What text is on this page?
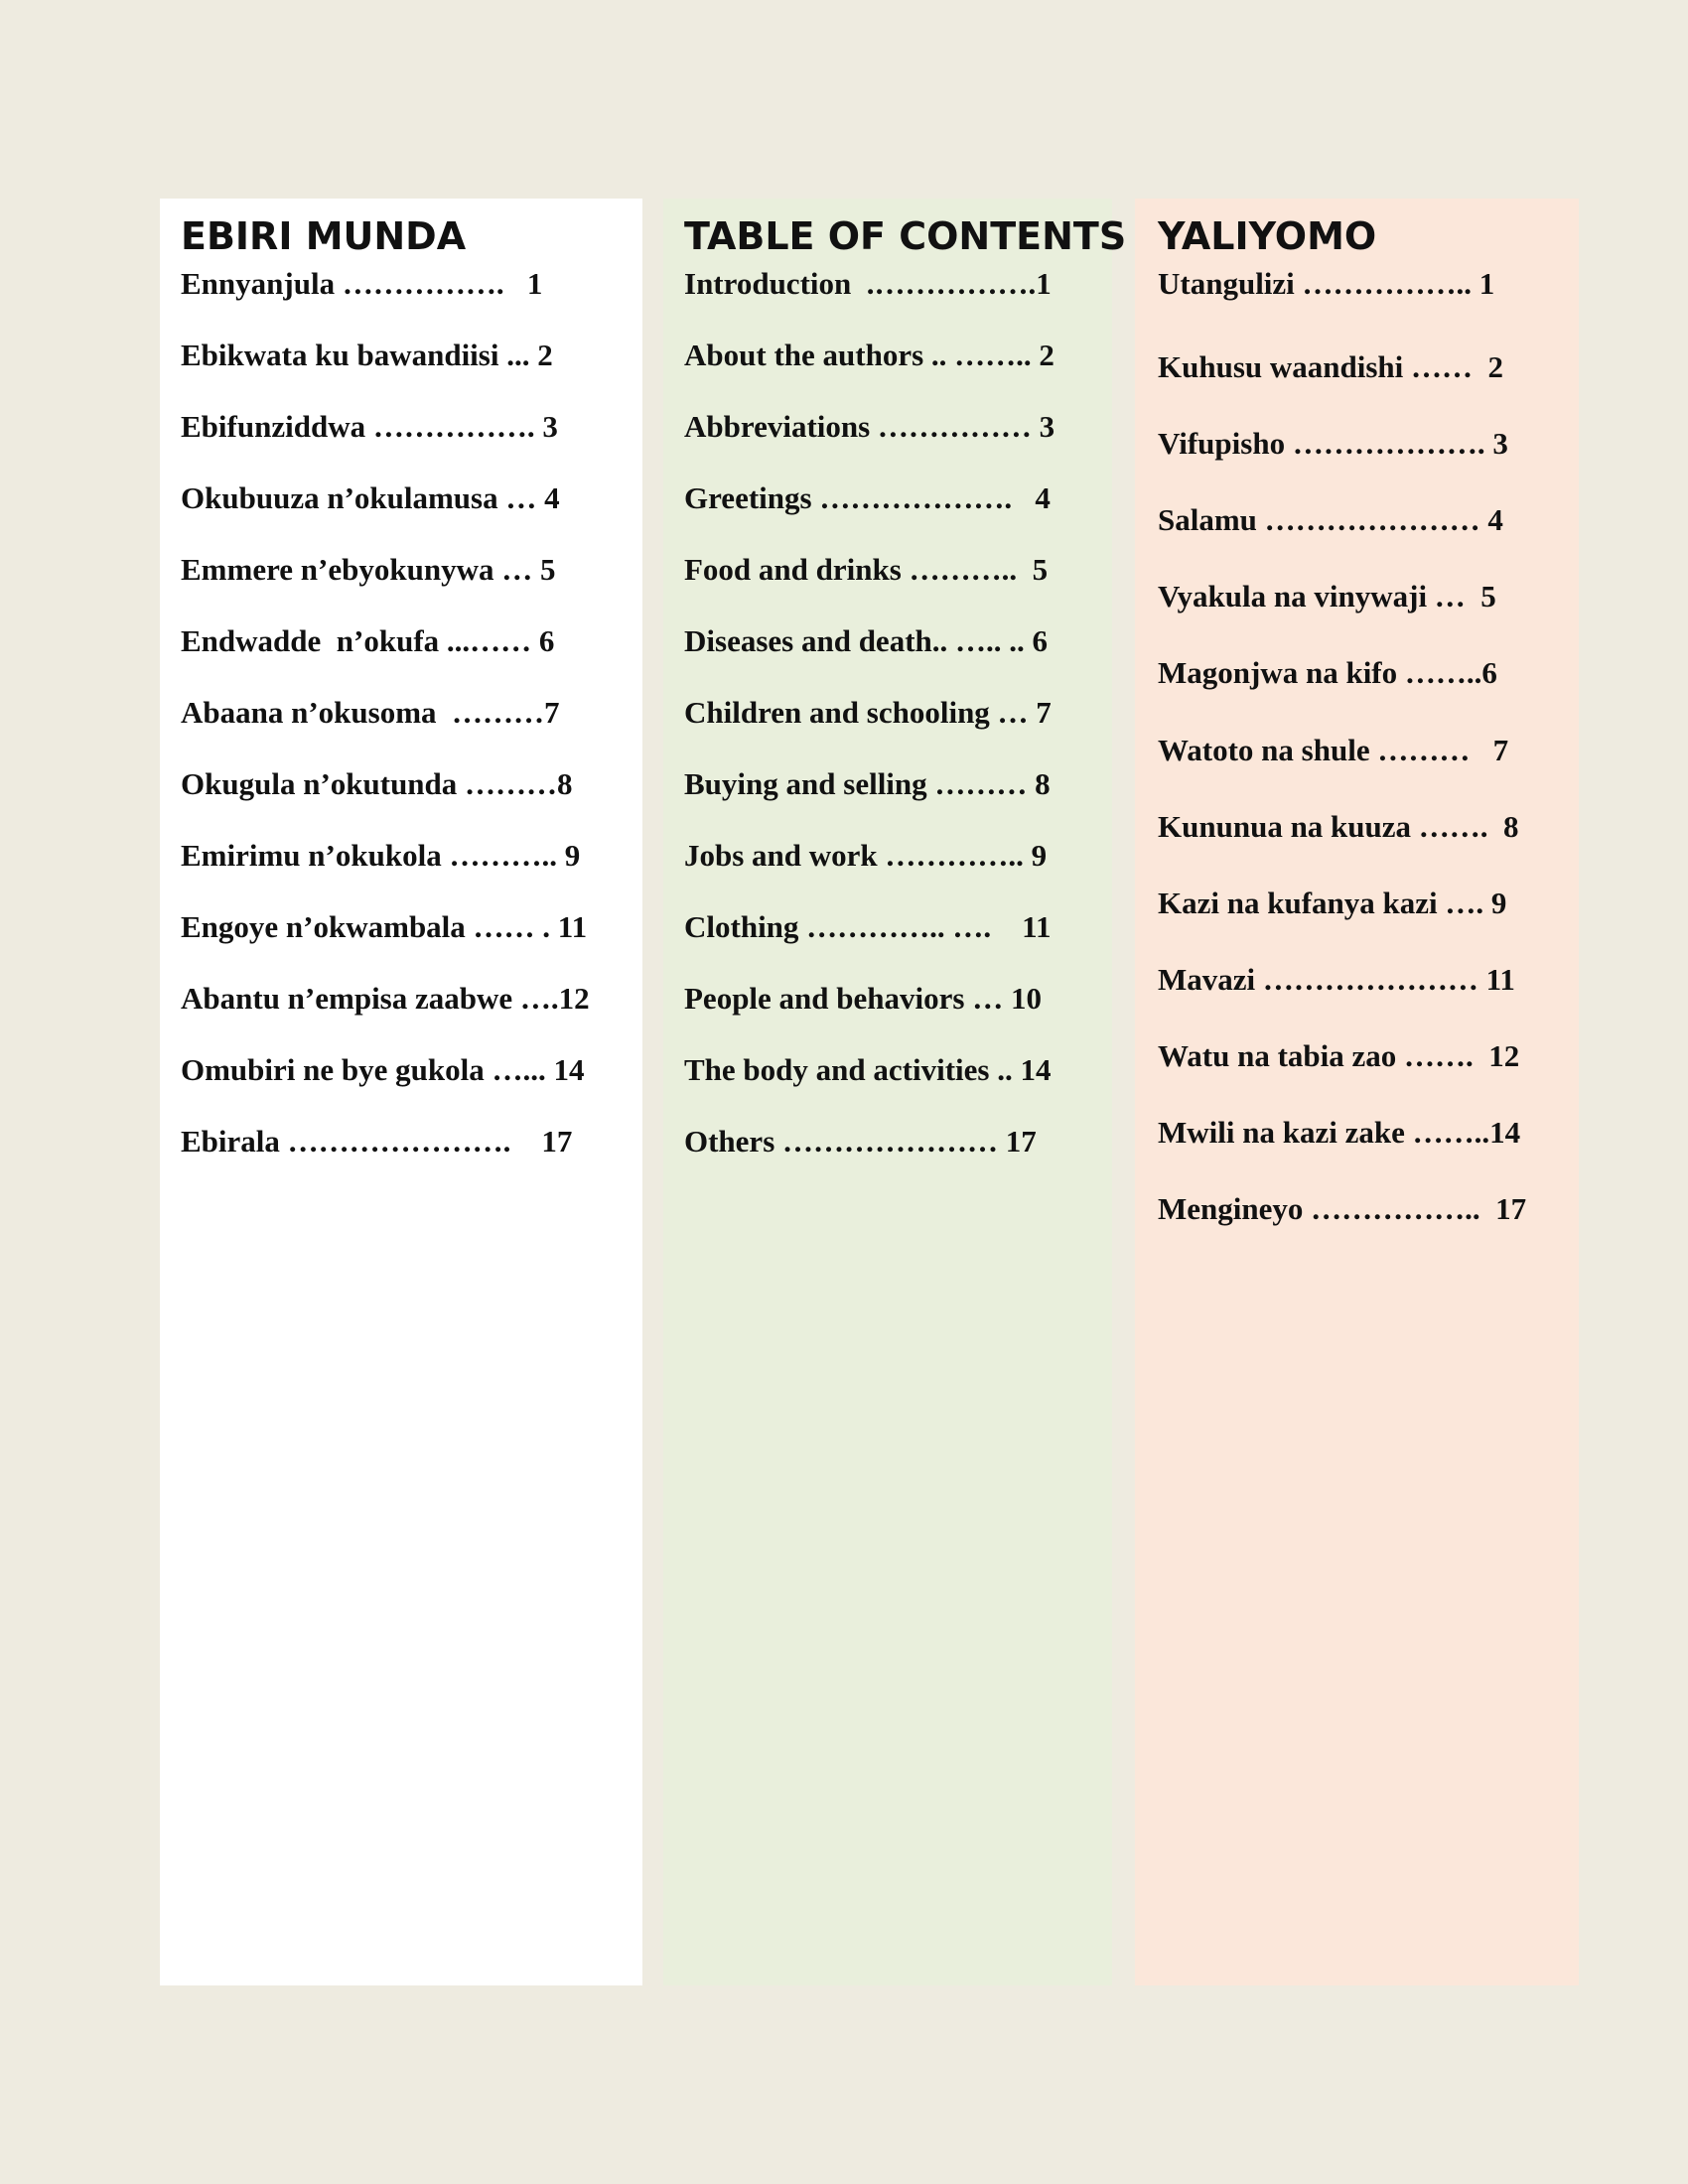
EBIRI MUNDA

Ennyanjula …………….   1

Ebikwata ku bawandiisi ... 2

Ebifunziddwa ……………. 3

Okubuuza n’okulamusa … 4

Emmere n’ebyokunywa … 5

Endwadde  n’okufa ...…… 6

Abaana n’okusoma  ………7

Okugula n’okutunda ………8

Emirimu n’okukola ……….. 9

Engoye n’okwambala …… . 11

Abantu n’empisa zaabwe ….12

Omubiri ne bye gukola …... 14

Ebirala ………………….    17

TABLE OF CONTENTS

Introduction  .…………….1

About the authors .. …….. 2

Abbreviations …………… 3

Greetings ……………….   4

Food and drinks ………..  5

Diseases and death.. ….. .. 6

Children and schooling … 7

Buying and selling ……… 8

Jobs and work ………….. 9

Clothing ………….. ….    11

People and behaviors … 10

The body and activities .. 14

Others ………………… 17

YALIYOMO

Utangulizi …………….. 1

Kuhusu waandishi ……  2

Vifupisho ………………. 3

Salamu ………………… 4

Vyakula na vinywaji …  5

Magonjwa na kifo ……..6

Watoto na shule ………   7

Kununua na kuuza …….  8

Kazi na kufanya kazi …. 9

Mavazi ………………… 11

Watu na tabia zao …….  12

Mwili na kazi zake ……..14

Mengineyo ……………..  17
